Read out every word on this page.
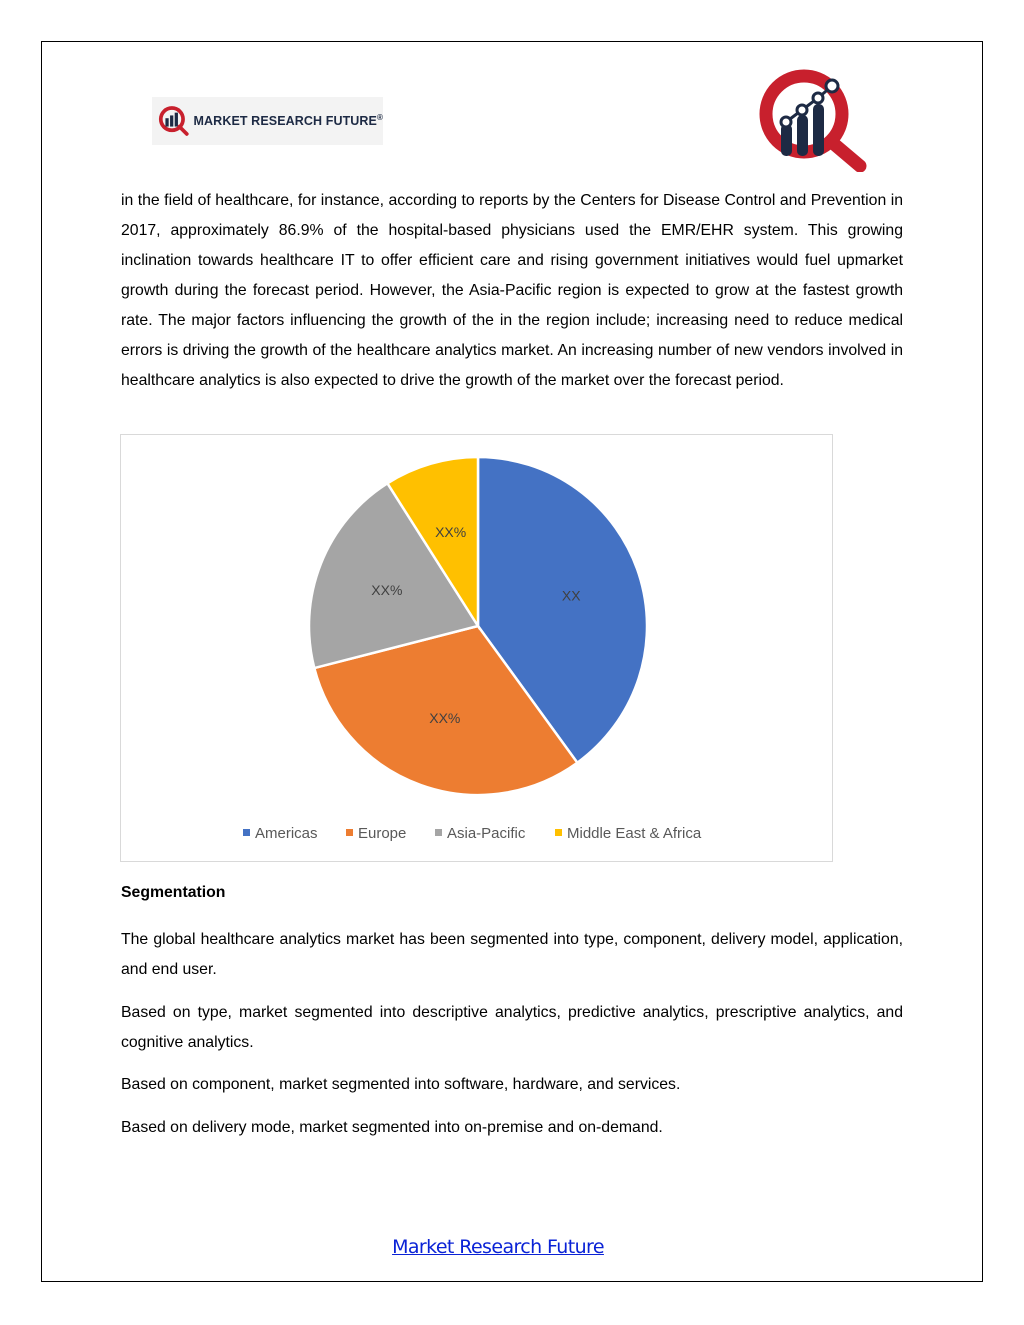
MARKET RESEARCH FUTURE®

in the field of healthcare, for instance, according to reports by the Centers for Disease Control and Prevention in 2017, approximately 86.9% of the hospital-based physicians used the EMR/EHR system. This growing inclination towards healthcare IT to offer efficient care and rising government initiatives would fuel upmarket growth during the forecast period. However, the Asia-Pacific region is expected to grow at the fastest growth rate. The major factors influencing the growth of the in the region include; increasing need to reduce medical errors is driving the growth of the healthcare analytics market. An increasing number of new vendors involved in healthcare analytics is also expected to drive the growth of the market over the forecast period.

XX
XX%
XX%
XX%
Americas	Europe	Asia-Pacific	Middle East & Africa
Segmentation

The global healthcare analytics market has been segmented into type, component, delivery model, application, and end user.

Based on type, market segmented into descriptive analytics, predictive analytics, prescriptive analytics, and cognitive analytics.

Based on component, market segmented into software, hardware, and services.

Based on delivery mode, market segmented into on-premise and on-demand.

Market Research Future
